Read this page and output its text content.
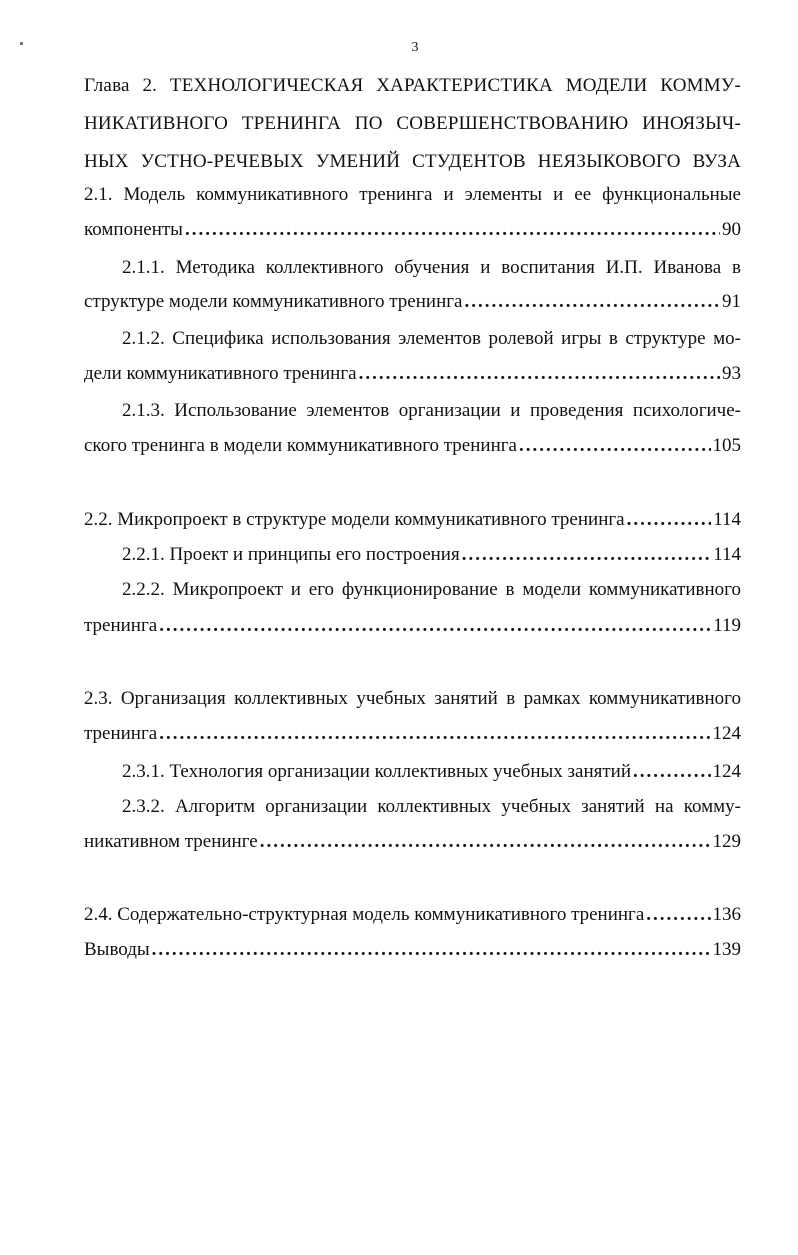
3
Глава 2. ТЕХНОЛОГИЧЕСКАЯ ХАРАКТЕРИСТИКА МОДЕЛИ КОММУ-
НИКАТИВНОГО ТРЕНИНГА ПО СОВЕРШЕНСТВОВАНИЮ ИНОЯЗЫЧ-
НЫХ УСТНО-РЕЧЕВЫХ УМЕНИЙ СТУДЕНТОВ НЕЯЗЫКОВОГО ВУЗА
2.1. Модель коммуникативного тренинга и элементы и ее функциональные
компоненты .....	90
2.1.1. Методика коллективного обучения и воспитания И.П. Иванова в
структуре модели коммуникативного тренинга .....	91
2.1.2. Специфика использования элементов ролевой игры в структуре мо-
дели коммуникативного тренинга .....	93
2.1.3. Использование элементов организации и проведения психологиче-
ского тренинга в модели коммуникативного тренинга .....	105
2.2. Микропроект в структуре модели коммуникативного тренинга .....	114
2.2.1. Проект и принципы его построения .....	114
2.2.2. Микропроект и его функционирование в модели коммуникативного
тренинга .....	119
2.3. Организация коллективных учебных занятий в рамках коммуникативного
тренинга .....	124
2.3.1. Технология организации коллективных учебных занятий .....	124
2.3.2. Алгоритм организации коллективных учебных занятий на комму-
никативном тренинге .....	129
2.4. Содержательно-структурная модель коммуникативного тренинга .....	136
Выводы .....	139
